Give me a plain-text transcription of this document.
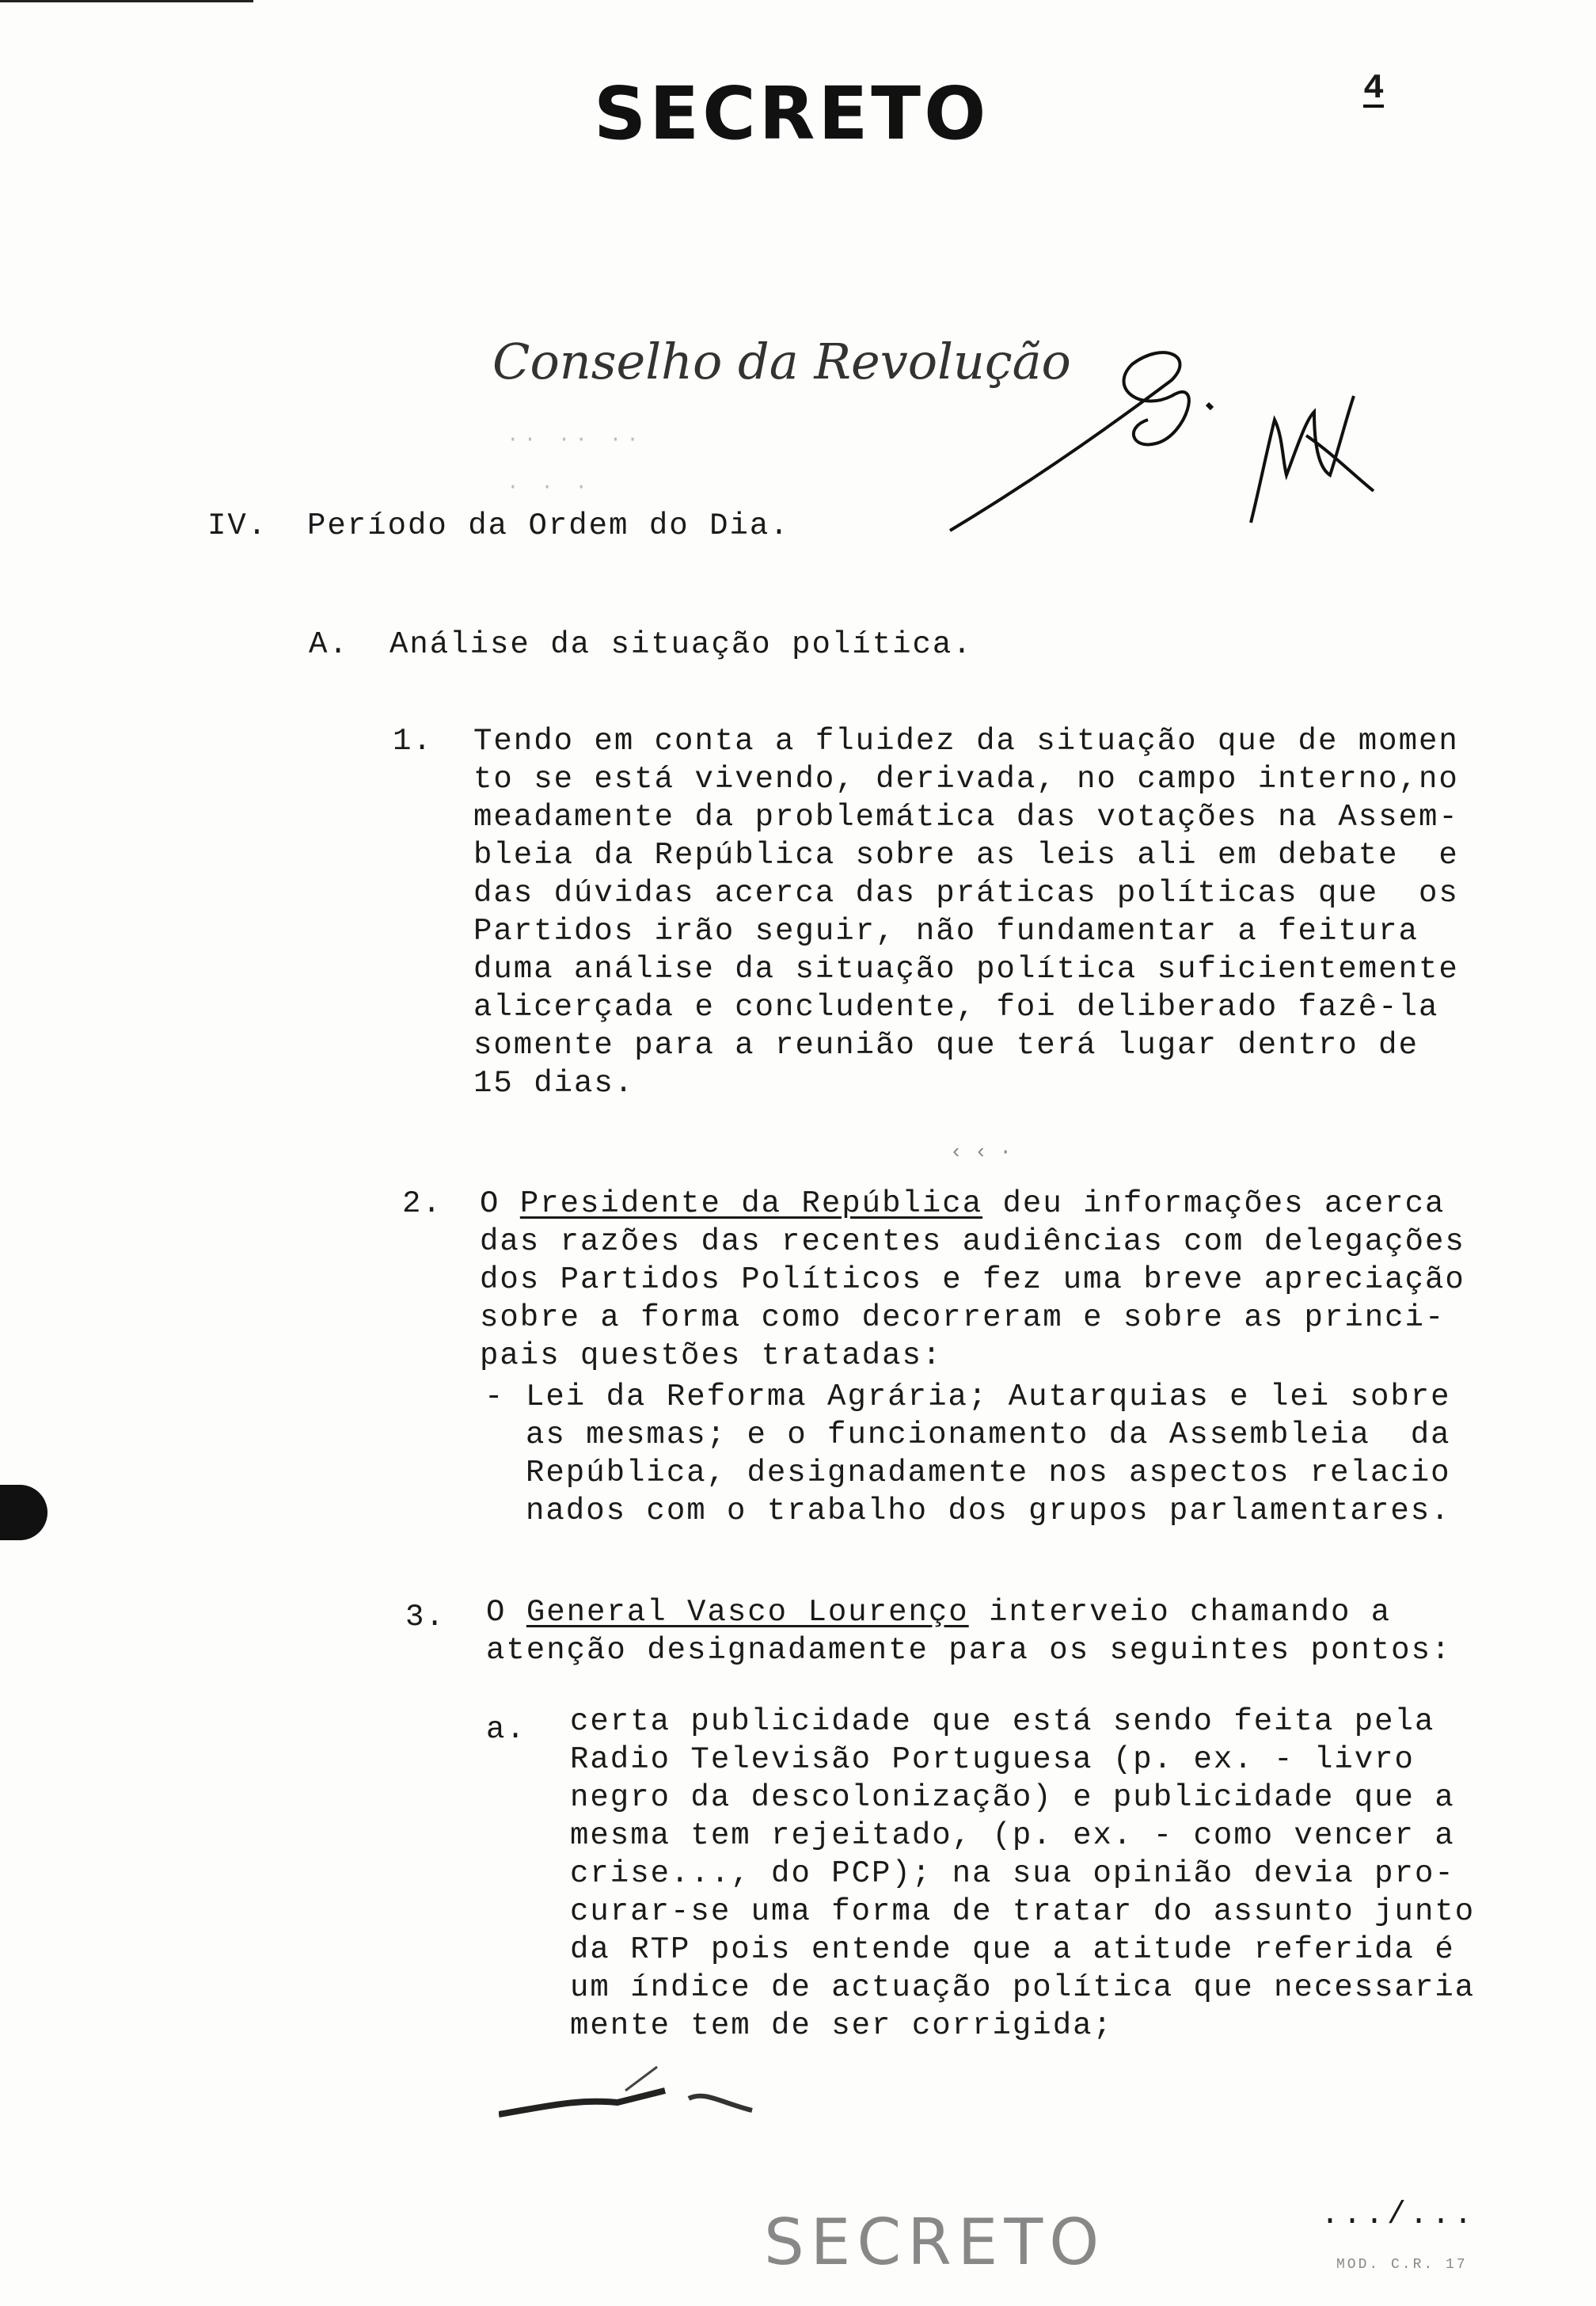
SECRETO	4
Conselho da Revolução
·· ·· ··
· · ·
IV. Período da Ordem do Dia.
A. Análise da situação política.
1. Tendo em conta a fluidez da situação que de momen
to se está vivendo, derivada, no campo interno,no
meadamente da problemática das votações na Assem-
bleia da República sobre as leis ali em debate  e
das dúvidas acerca das práticas políticas que  os
Partidos irão seguir, não fundamentar a feitura
duma análise da situação política suficientemente
alicerçada e concludente, foi deliberado fazê-la
somente para a reunião que terá lugar dentro de
15 dias.
‹ ‹ ·
2. O Presidente da República deu informações acerca
das razões das recentes audiências com delegações
dos Partidos Políticos e fez uma breve apreciação
sobre a forma como decorreram e sobre as princi-
pais questões tratadas:
- Lei da Reforma Agrária; Autarquias e lei sobre
as mesmas; e o funcionamento da Assembleia  da
República, designadamente nos aspectos relacio
nados com o trabalho dos grupos parlamentares.
3. O General Vasco Lourenço interveio chamando a
atenção designadamente para os seguintes pontos:
a. certa publicidade que está sendo feita pela
Radio Televisão Portuguesa (p. ex. - livro
negro da descolonização) e publicidade que a
mesma tem rejeitado, (p. ex. - como vencer a
crise..., do PCP); na sua opinião devia pro-
curar-se uma forma de tratar do assunto junto
da RTP pois entende que a atitude referida é
um índice de actuação política que necessaria
mente tem de ser corrigida;
SECRETO	.../...
MOD. C.R. 17
